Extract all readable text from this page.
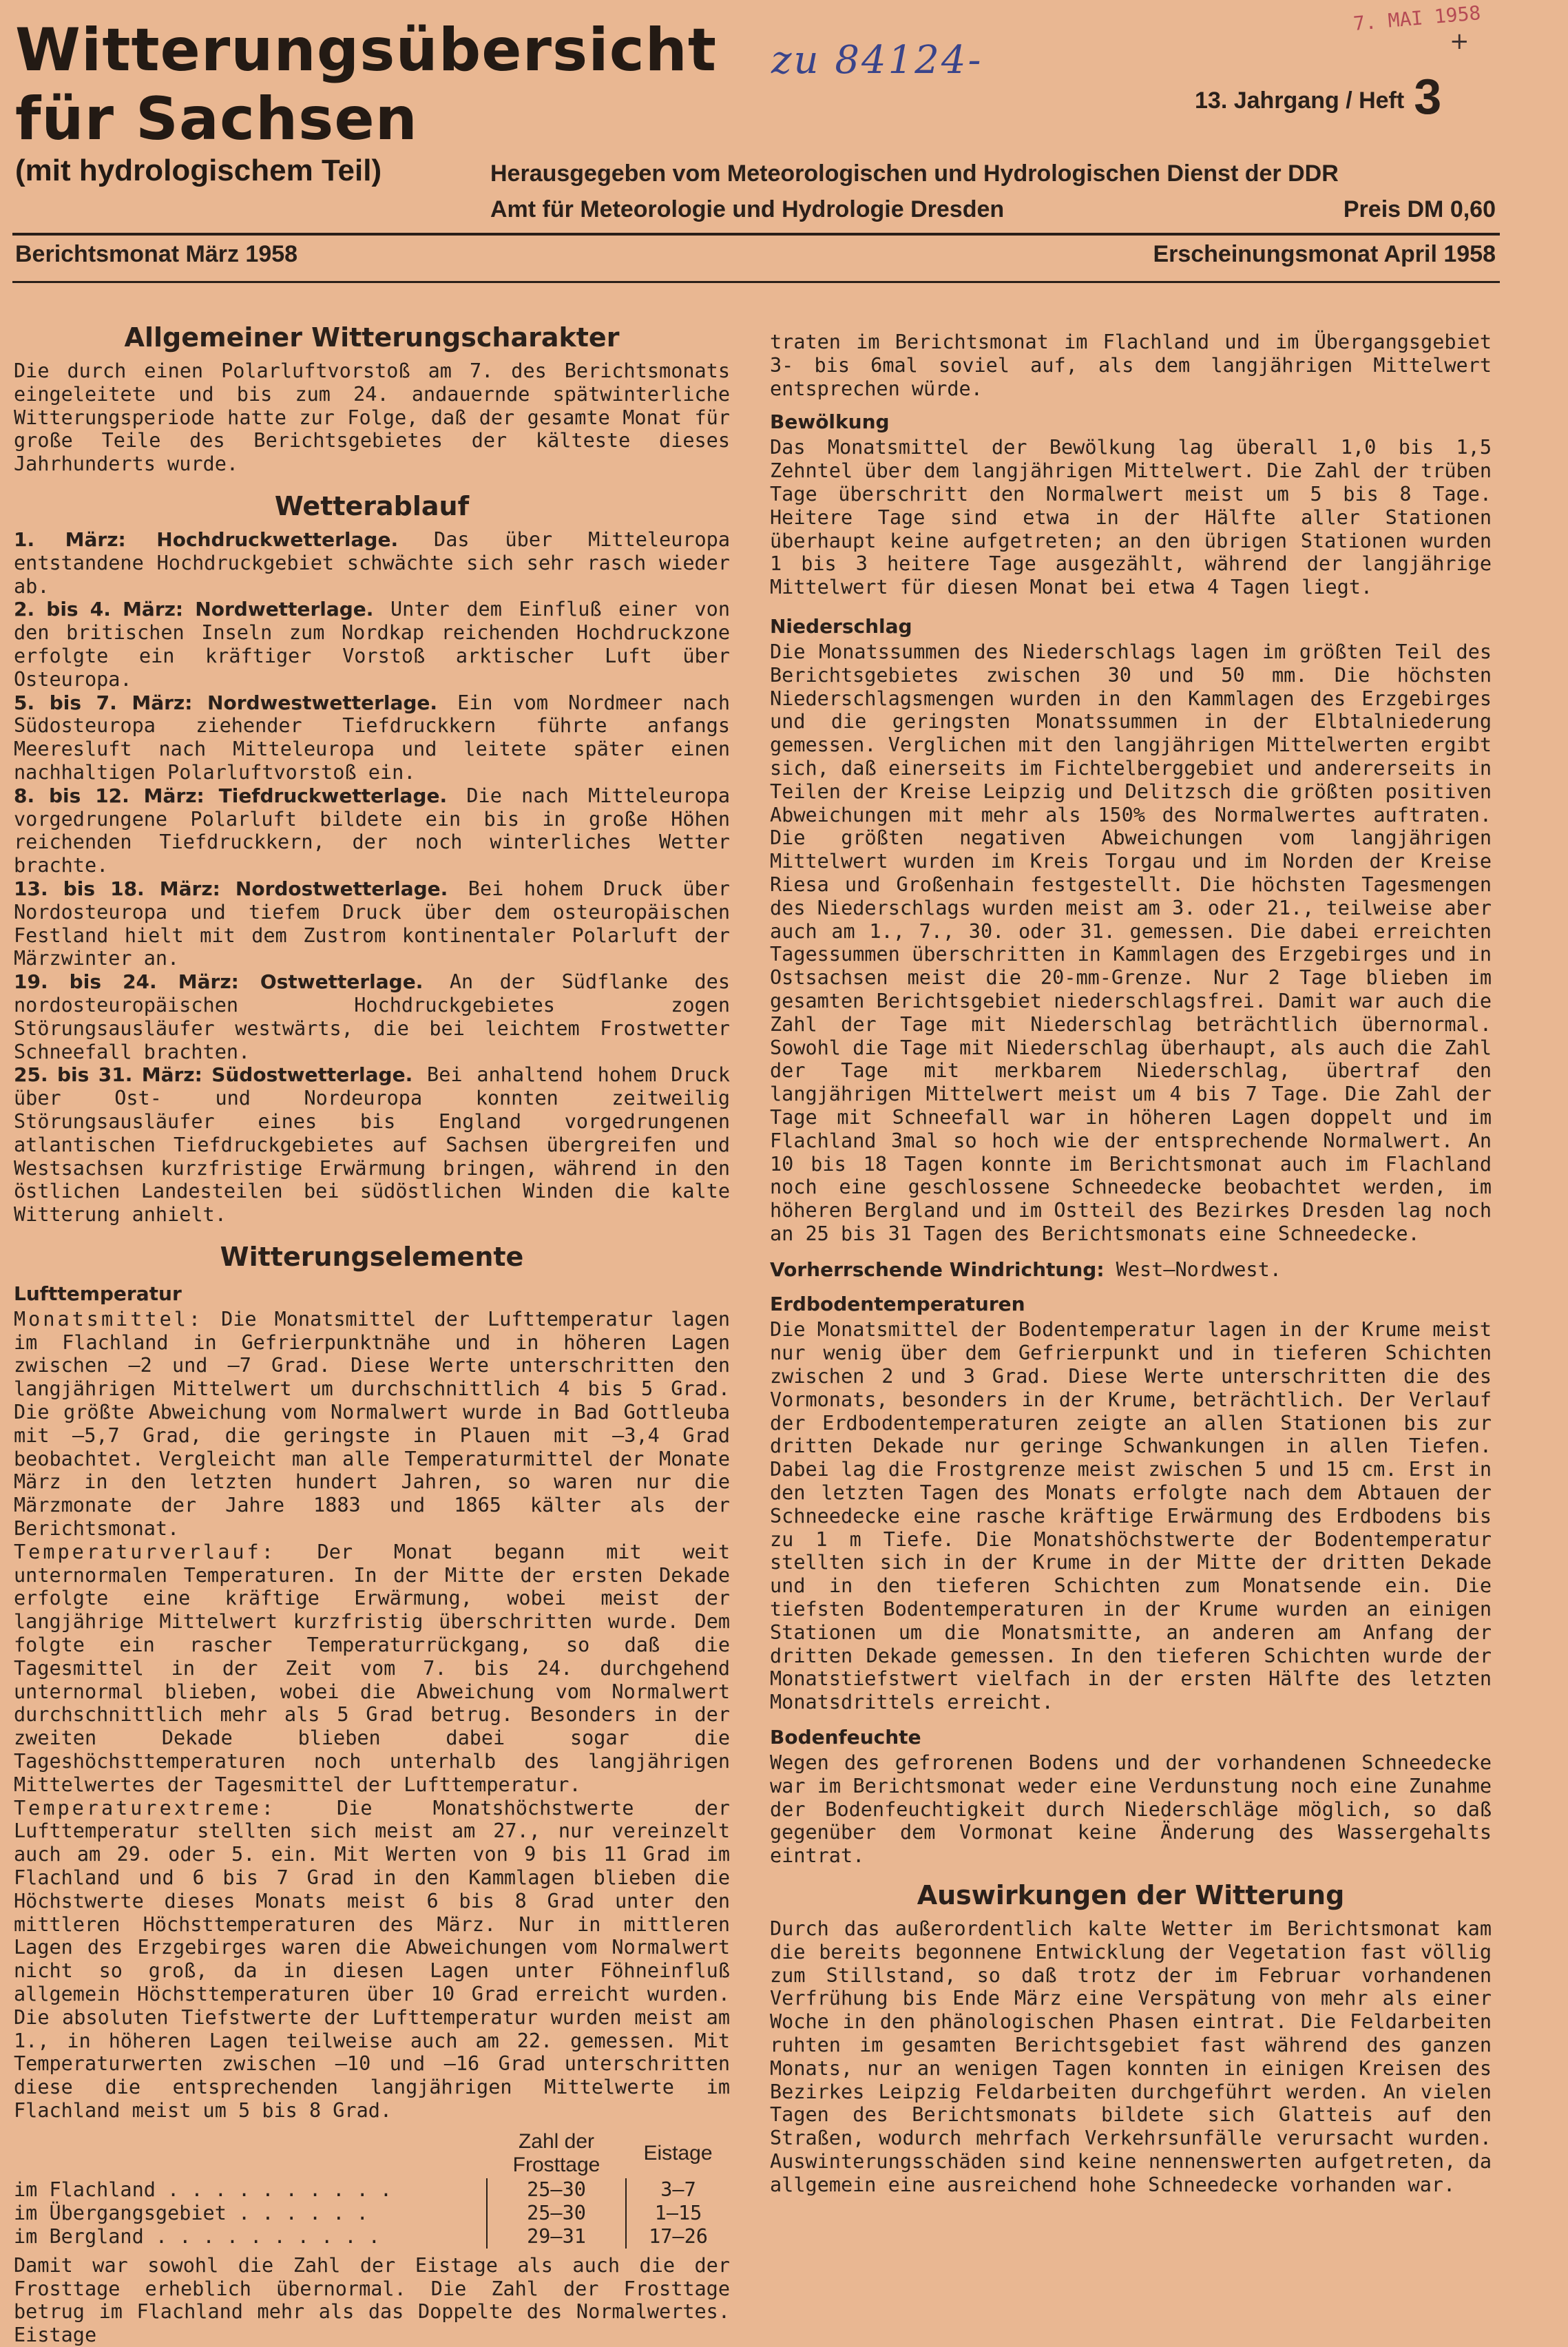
Witterungsübersicht
für Sachsen
(mit hydrologischem Teil)
zu 84124-
7. MAI 1958
+
13. Jahrgang / Heft 3
Herausgegeben vom Meteorologischen und Hydrologischen Dienst der DDR
Amt für Meteorologie und Hydrologie Dresden	Preis DM 0,60
Berichtsmonat März 1958	Erscheinungsmonat April 1958
Allgemeiner Witterungscharakter

Die durch einen Polarluftvorstoß am 7. des Berichtsmonats eingeleitete und bis zum 24. andauernde spätwinterliche Witterungsperiode hatte zur Folge, daß der gesamte Monat für große Teile des Berichtsgebietes der kälteste dieses Jahrhunderts wurde.

Wetterablauf

1. März: Hochdruckwetterlage. Das über Mitteleuropa entstandene Hochdruckgebiet schwächte sich sehr rasch wieder ab.

2. bis 4. März: Nordwetterlage. Unter dem Einfluß einer von den britischen Inseln zum Nordkap reichenden Hochdruckzone erfolgte ein kräftiger Vorstoß arktischer Luft über Osteuropa.

5. bis 7. März: Nordwestwetterlage. Ein vom Nordmeer nach Südosteuropa ziehender Tiefdruckkern führte anfangs Meeresluft nach Mitteleuropa und leitete später einen nachhaltigen Polarluftvorstoß ein.

8. bis 12. März: Tiefdruckwetterlage. Die nach Mitteleuropa vorgedrungene Polarluft bildete ein bis in große Höhen reichenden Tiefdruckkern, der noch winterliches Wetter brachte.

13. bis 18. März: Nordostwetterlage. Bei hohem Druck über Nordosteuropa und tiefem Druck über dem osteuropäischen Festland hielt mit dem Zustrom kontinentaler Polarluft der Märzwinter an.

19. bis 24. März: Ostwetterlage. An der Südflanke des nordosteuropäischen Hochdruckgebietes zogen Störungsausläufer westwärts, die bei leichtem Frostwetter Schneefall brachten.

25. bis 31. März: Südostwetterlage. Bei anhaltend hohem Druck über Ost- und Nordeuropa konnten zeitweilig Störungsausläufer eines bis England vorgedrungenen atlantischen Tiefdruckgebietes auf Sachsen übergreifen und Westsachsen kurzfristige Erwärmung bringen, während in den östlichen Landesteilen bei südöstlichen Winden die kalte Witterung anhielt.

Witterungselemente
Lufttemperatur

Monatsmittel: Die Monatsmittel der Lufttemperatur lagen im Flachland in Gefrierpunktnähe und in höheren Lagen zwischen —2 und —7 Grad. Diese Werte unterschritten den langjährigen Mittelwert um durchschnittlich 4 bis 5 Grad. Die größte Abweichung vom Normalwert wurde in Bad Gottleuba mit —5,7 Grad, die geringste in Plauen mit —3,4 Grad beobachtet. Vergleicht man alle Temperaturmittel der Monate März in den letzten hundert Jahren, so waren nur die Märzmonate der Jahre 1883 und 1865 kälter als der Berichtsmonat.

Temperaturverlauf: Der Monat begann mit weit unternormalen Temperaturen. In der Mitte der ersten Dekade erfolgte eine kräftige Erwärmung, wobei meist der langjährige Mittelwert kurzfristig überschritten wurde. Dem folgte ein rascher Temperaturrückgang, so daß die Tagesmittel in der Zeit vom 7. bis 24. durchgehend unternormal blieben, wobei die Abweichung vom Normalwert durchschnittlich mehr als 5 Grad betrug. Besonders in der zweiten Dekade blieben dabei sogar die Tageshöchsttemperaturen noch unterhalb des langjährigen Mittelwertes der Tagesmittel der Lufttemperatur.

Temperaturextreme: Die Monatshöchstwerte der Lufttemperatur stellten sich meist am 27., nur vereinzelt auch am 29. oder 5. ein. Mit Werten von 9 bis 11 Grad im Flachland und 6 bis 7 Grad in den Kammlagen blieben die Höchstwerte dieses Monats meist 6 bis 8 Grad unter den mittleren Höchsttemperaturen des März. Nur in mittleren Lagen des Erzgebirges waren die Abweichungen vom Normalwert nicht so groß, da in diesen Lagen unter Föhneinfluß allgemein Höchsttemperaturen über 10 Grad erreicht wurden. Die absoluten Tiefstwerte der Lufttemperatur wurden meist am 1., in höheren Lagen teilweise auch am 22. gemessen. Mit Temperaturwerten zwischen —10 und —16 Grad unterschritten diese die entsprechenden langjährigen Mittelwerte im Flachland meist um 5 bis 8 Grad.

	Zahl der Frosttage	Eistage
im Flachland . . . . . . . . . .	25—30	3—7
im Übergangsgebiet . . . . . .	25—30	1—15
im Bergland . . . . . . . . . .	29—31	17—26

Damit war sowohl die Zahl der Eistage als auch die der Frosttage erheblich übernormal. Die Zahl der Frosttage betrug im Flachland mehr als das Doppelte des Normalwertes. Eistage

traten im Berichtsmonat im Flachland und im Übergangsgebiet 3- bis 6mal soviel auf, als dem langjährigen Mittelwert entsprechen würde.

Bewölkung

Das Monatsmittel der Bewölkung lag überall 1,0 bis 1,5 Zehntel über dem langjährigen Mittelwert. Die Zahl der trüben Tage überschritt den Normalwert meist um 5 bis 8 Tage. Heitere Tage sind etwa in der Hälfte aller Stationen überhaupt keine aufgetreten; an den übrigen Stationen wurden 1 bis 3 heitere Tage ausgezählt, während der langjährige Mittelwert für diesen Monat bei etwa 4 Tagen liegt.

Niederschlag

Die Monatssummen des Niederschlags lagen im größten Teil des Berichtsgebietes zwischen 30 und 50 mm. Die höchsten Niederschlagsmengen wurden in den Kammlagen des Erzgebirges und die geringsten Monatssummen in der Elbtalniederung gemessen. Verglichen mit den langjährigen Mittelwerten ergibt sich, daß einerseits im Fichtelberggebiet und andererseits in Teilen der Kreise Leipzig und Delitzsch die größten positiven Abweichungen mit mehr als 150% des Normalwertes auftraten. Die größten negativen Abweichungen vom langjährigen Mittelwert wurden im Kreis Torgau und im Norden der Kreise Riesa und Großenhain festgestellt. Die höchsten Tagesmengen des Niederschlags wurden meist am 3. oder 21., teilweise aber auch am 1., 7., 30. oder 31. gemessen. Die dabei erreichten Tagessummen überschritten in Kammlagen des Erzgebirges und in Ostsachsen meist die 20-mm-Grenze. Nur 2 Tage blieben im gesamten Berichtsgebiet niederschlagsfrei. Damit war auch die Zahl der Tage mit Niederschlag beträchtlich übernormal. Sowohl die Tage mit Niederschlag überhaupt, als auch die Zahl der Tage mit merkbarem Niederschlag, übertraf den langjährigen Mittelwert meist um 4 bis 7 Tage. Die Zahl der Tage mit Schneefall war in höheren Lagen doppelt und im Flachland 3mal so hoch wie der entsprechende Normalwert. An 10 bis 18 Tagen konnte im Berichtsmonat auch im Flachland noch eine geschlossene Schneedecke beobachtet werden, im höheren Bergland und im Ostteil des Bezirkes Dresden lag noch an 25 bis 31 Tagen des Berichtsmonats eine Schneedecke.

Vorherrschende Windrichtung: West—Nordwest.

Erdbodentemperaturen

Die Monatsmittel der Bodentemperatur lagen in der Krume meist nur wenig über dem Gefrierpunkt und in tieferen Schichten zwischen 2 und 3 Grad. Diese Werte unterschritten die des Vormonats, besonders in der Krume, beträchtlich. Der Verlauf der Erdbodentemperaturen zeigte an allen Stationen bis zur dritten Dekade nur geringe Schwankungen in allen Tiefen. Dabei lag die Frostgrenze meist zwischen 5 und 15 cm. Erst in den letzten Tagen des Monats erfolgte nach dem Abtauen der Schneedecke eine rasche kräftige Erwärmung des Erdbodens bis zu 1 m Tiefe. Die Monatshöchstwerte der Bodentemperatur stellten sich in der Krume in der Mitte der dritten Dekade und in den tieferen Schichten zum Monatsende ein. Die tiefsten Bodentemperaturen in der Krume wurden an einigen Stationen um die Monatsmitte, an anderen am Anfang der dritten Dekade gemessen. In den tieferen Schichten wurde der Monatstiefstwert vielfach in der ersten Hälfte des letzten Monatsdrittels erreicht.

Bodenfeuchte

Wegen des gefrorenen Bodens und der vorhandenen Schneedecke war im Berichtsmonat weder eine Verdunstung noch eine Zunahme der Bodenfeuchtigkeit durch Niederschläge möglich, so daß gegenüber dem Vormonat keine Änderung des Wassergehalts eintrat.

Auswirkungen der Witterung

Durch das außerordentlich kalte Wetter im Berichtsmonat kam die bereits begonnene Entwicklung der Vegetation fast völlig zum Stillstand, so daß trotz der im Februar vorhandenen Verfrühung bis Ende März eine Verspätung von mehr als einer Woche in den phänologischen Phasen eintrat. Die Feldarbeiten ruhten im gesamten Berichtsgebiet fast während des ganzen Monats, nur an wenigen Tagen konnten in einigen Kreisen des Bezirkes Leipzig Feldarbeiten durchgeführt werden. An vielen Tagen des Berichtsmonats bildete sich Glatteis auf den Straßen, wodurch mehrfach Verkehrsunfälle verursacht wurden. Auswinterungsschäden sind keine nennenswerten aufgetreten, da allgemein eine ausreichend hohe Schneedecke vorhanden war.
